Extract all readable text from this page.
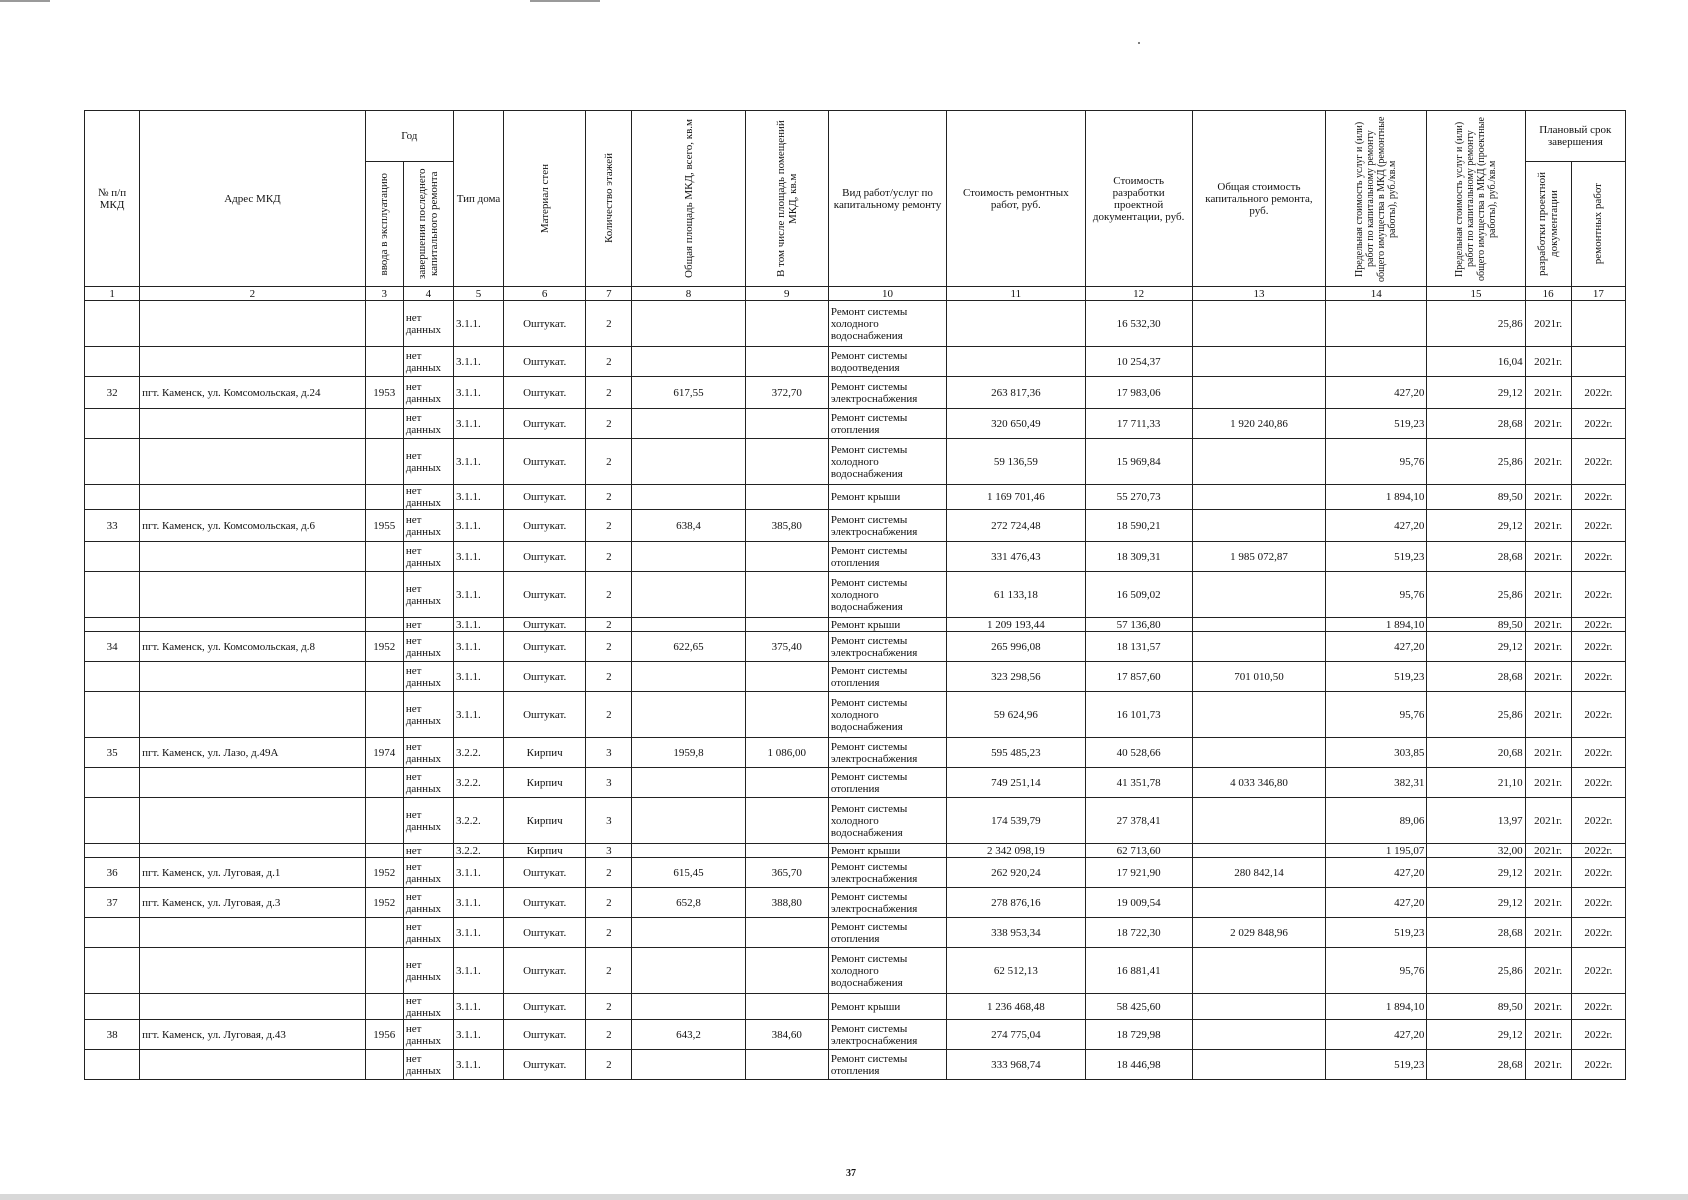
№ п/п МКД	Адрес МКД	Год		Тип дома	Материал стен	Количество этажей	Общая площадь МКД, всего, кв.м	В том числе площадь помещений МКД, кв.м	Вид работ/услуг по капитальному ремонту	Стоимость ремонтных работ, руб.	Стоимость разработки проектной документации, руб.	Общая стоимость капитального ремонта, руб.	Предельная стоимость услуг и (или) работ по капитальному ремонту общего имущества в МКД (ремонтные работы), руб./кв.м	Предельная стоимость услуг и (или) работ по капитальному ремонту общего имущества в МКД (проектные работы), руб./кв.м	Плановый срок завершения	

		ввода в эксплуатацию	завершения последнего капитального ремонта												разработки проектной документации	ремонтных работ

1	2	3	4	5	6	7	8	9	10	11	12	13	14	15	16	17
			нет данных	3.1.1.	Оштукат.	2			Ремонт системы холодного водоснабжения		16 532,30			25,86	2021г.	
			нет данных	3.1.1.	Оштукат.	2			Ремонт системы водоотведения		10 254,37			16,04	2021г.	
32	пгт. Каменск, ул. Комсомольская, д.24	1953	нет данных	3.1.1.	Оштукат.	2	617,55	372,70	Ремонт системы электроснабжения	263 817,36	17 983,06		427,20	29,12	2021г.	2022г.
			нет данных	3.1.1.	Оштукат.	2			Ремонт системы отопления	320 650,49	17 711,33	1 920 240,86	519,23	28,68	2021г.	2022г.
			нет данных	3.1.1.	Оштукат.	2			Ремонт системы холодного водоснабжения	59 136,59	15 969,84		95,76	25,86	2021г.	2022г.
			нет данных	3.1.1.	Оштукат.	2			Ремонт крыши	1 169 701,46	55 270,73		1 894,10	89,50	2021г.	2022г.
33	пгт. Каменск, ул. Комсомольская, д.6	1955	нет данных	3.1.1.	Оштукат.	2	638,4	385,80	Ремонт системы электроснабжения	272 724,48	18 590,21		427,20	29,12	2021г.	2022г.
			нет данных	3.1.1.	Оштукат.	2			Ремонт системы отопления	331 476,43	18 309,31	1 985 072,87	519,23	28,68	2021г.	2022г.
			нет данных	3.1.1.	Оштукат.	2			Ремонт системы холодного водоснабжения	61 133,18	16 509,02		95,76	25,86	2021г.	2022г.
			нет	3.1.1.	Оштукат.	2			Ремонт крыши	1 209 193,44	57 136,80		1 894,10	89,50	2021г.	2022г.
34	пгт. Каменск, ул. Комсомольская, д.8	1952	нет данных	3.1.1.	Оштукат.	2	622,65	375,40	Ремонт системы электроснабжения	265 996,08	18 131,57		427,20	29,12	2021г.	2022г.
			нет данных	3.1.1.	Оштукат.	2			Ремонт системы отопления	323 298,56	17 857,60	701 010,50	519,23	28,68	2021г.	2022г.
			нет данных	3.1.1.	Оштукат.	2			Ремонт системы холодного водоснабжения	59 624,96	16 101,73		95,76	25,86	2021г.	2022г.
35	пгт. Каменск, ул. Лазо, д.49А	1974	нет данных	3.2.2.	Кирпич	3	1959,8	1 086,00	Ремонт системы электроснабжения	595 485,23	40 528,66		303,85	20,68	2021г.	2022г.
			нет данных	3.2.2.	Кирпич	3			Ремонт системы отопления	749 251,14	41 351,78	4 033 346,80	382,31	21,10	2021г.	2022г.
			нет данных	3.2.2.	Кирпич	3			Ремонт системы холодного водоснабжения	174 539,79	27 378,41		89,06	13,97	2021г.	2022г.
			нет	3.2.2.	Кирпич	3			Ремонт крыши	2 342 098,19	62 713,60		1 195,07	32,00	2021г.	2022г.
36	пгт. Каменск, ул. Луговая, д.1	1952	нет данных	3.1.1.	Оштукат.	2	615,45	365,70	Ремонт системы электроснабжения	262 920,24	17 921,90	280 842,14	427,20	29,12	2021г.	2022г.
37	пгт. Каменск, ул. Луговая, д.3	1952	нет данных	3.1.1.	Оштукат.	2	652,8	388,80	Ремонт системы электроснабжения	278 876,16	19 009,54		427,20	29,12	2021г.	2022г.
			нет данных	3.1.1.	Оштукат.	2			Ремонт системы отопления	338 953,34	18 722,30	2 029 848,96	519,23	28,68	2021г.	2022г.
			нет данных	3.1.1.	Оштукат.	2			Ремонт системы холодного водоснабжения	62 512,13	16 881,41		95,76	25,86	2021г.	2022г.
			нет данных	3.1.1.	Оштукат.	2			Ремонт крыши	1 236 468,48	58 425,60		1 894,10	89,50	2021г.	2022г.
38	пгт. Каменск, ул. Луговая, д.43	1956	нет данных	3.1.1.	Оштукат.	2	643,2	384,60	Ремонт системы электроснабжения	274 775,04	18 729,98		427,20	29,12	2021г.	2022г.
			нет данных	3.1.1.	Оштукат.	2			Ремонт системы отопления	333 968,74	18 446,98		519,23	28,68	2021г.	2022г.
37
